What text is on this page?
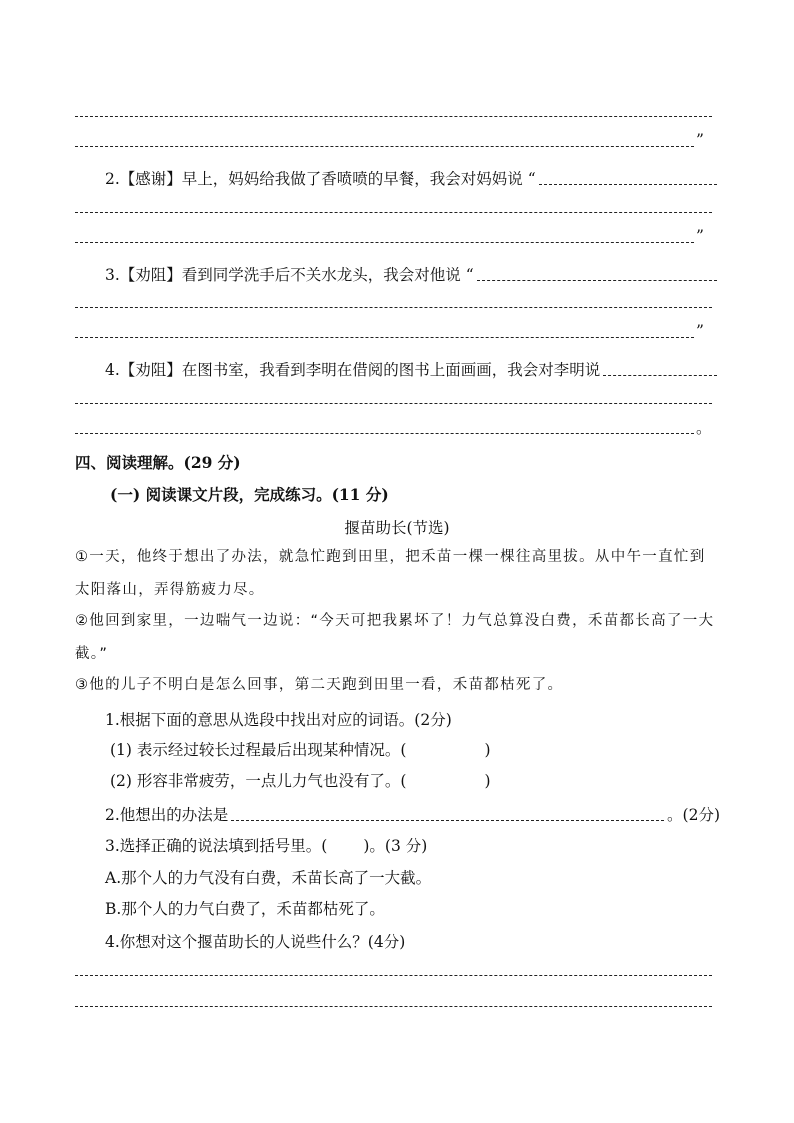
”
2.【感谢】早上，妈妈给我做了香喷喷的早餐，我会对妈妈说 “
”
3.【劝阻】看到同学洗手后不关水龙头，我会对他说 “
”
4.【劝阻】在图书室，我看到李明在借阅的图书上面画画，我会对李明说
。
四、阅读理解。(29 分)
(一) 阅读课文片段，完成练习。(11 分)
揠苗助长(节选)
①一天，他终于想出了办法，就急忙跑到田里，把禾苗一棵一棵往高里拔。从中午一直忙到太阳落山，弄得筋疲力尽。
②他回到家里，一边喘气一边说：“今天可把我累坏了！力气总算没白费，禾苗都长高了一大截。”
③他的儿子不明白是怎么回事，第二天跑到田里一看，禾苗都枯死了。
1.根据下面的意思从选段中找出对应的词语。(2分)
(1) 表示经过较长过程最后出现某种情况。(	)
(2) 形容非常疲劳，一点儿力气也没有了。(	)
2.他想出的办法是	。(2分)
3.选择正确的说法填到括号里。( )。(3 分)
A.那个人的力气没有白费，禾苗长高了一大截。
B.那个人的力气白费了，禾苗都枯死了。
4.你想对这个揠苗助长的人说些什么？(4分)
